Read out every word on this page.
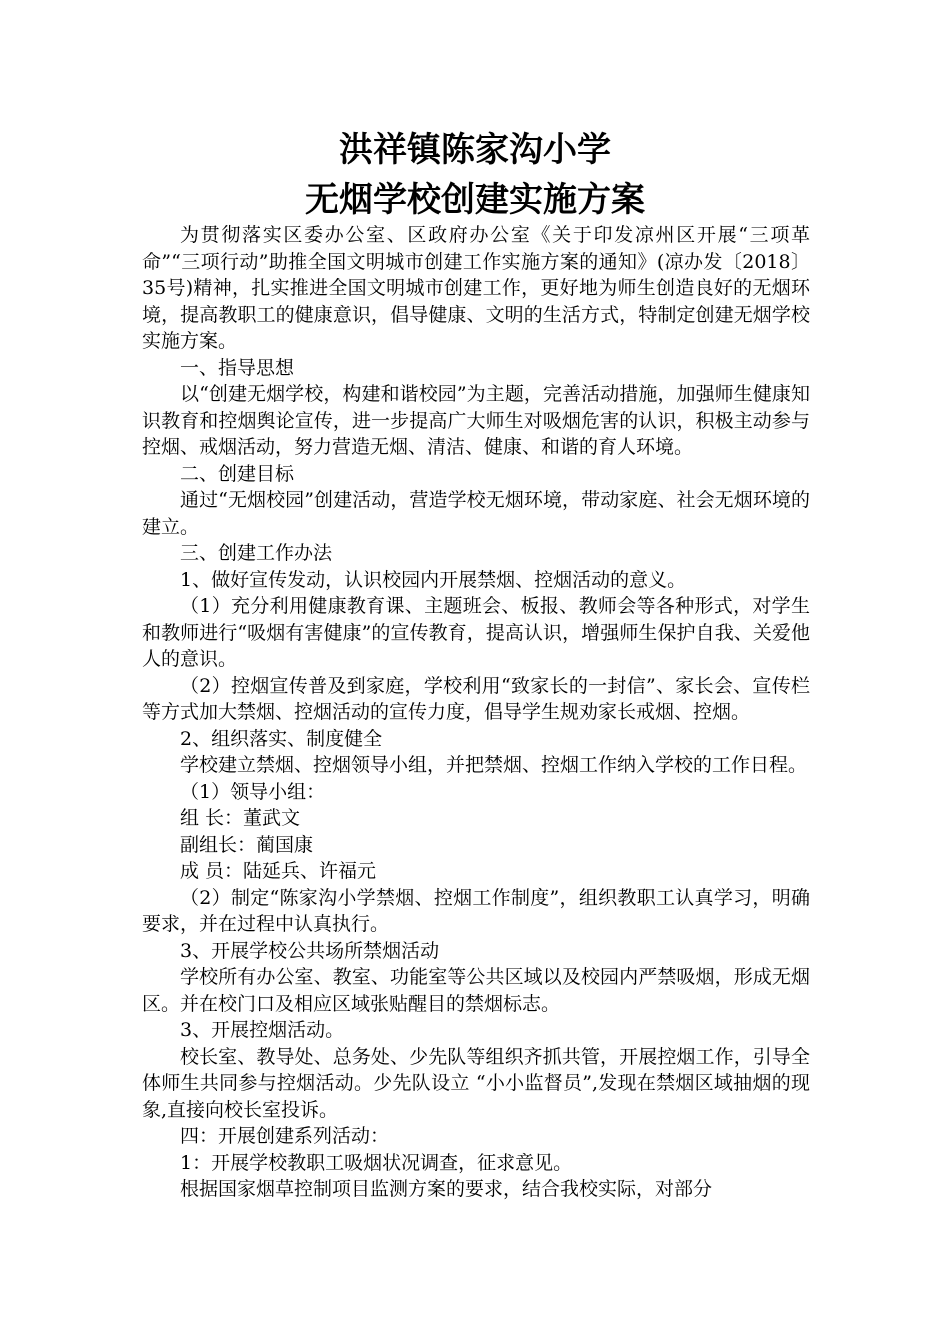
洪祥镇陈家沟小学
无烟学校创建实施方案

为贯彻落实区委办公室、区政府办公室《关于印发凉州区开展“三项革命”“三项行动”助推全国文明城市创建工作实施方案的通知》(凉办发〔2018〕35号)精神，扎实推进全国文明城市创建工作，更好地为师生创造良好的无烟环境，提高教职工的健康意识，倡导健康、文明的生活方式，特制定创建无烟学校实施方案。

一、指导思想

以“创建无烟学校，构建和谐校园”为主题，完善活动措施，加强师生健康知识教育和控烟舆论宣传，进一步提高广大师生对吸烟危害的认识，积极主动参与控烟、戒烟活动，努力营造无烟、清洁、健康、和谐的育人环境。

二、创建目标

通过“无烟校园”创建活动，营造学校无烟环境，带动家庭、社会无烟环境的建立。

三、创建工作办法

1、做好宣传发动，认识校园内开展禁烟、控烟活动的意义。

（1）充分利用健康教育课、主题班会、板报、教师会等各种形式，对学生和教师进行“吸烟有害健康”的宣传教育，提高认识，增强师生保护自我、关爱他人的意识。

（2）控烟宣传普及到家庭，学校利用“致家长的一封信”、家长会、宣传栏等方式加大禁烟、控烟活动的宣传力度，倡导学生规劝家长戒烟、控烟。

2、组织落实、制度健全

学校建立禁烟、控烟领导小组，并把禁烟、控烟工作纳入学校的工作日程。

（1）领导小组：

组 长：董武文

副组长：蔺国康

成 员：陆延兵、许福元

（2）制定“陈家沟小学禁烟、控烟工作制度”，组织教职工认真学习，明确要求，并在过程中认真执行。

3、开展学校公共场所禁烟活动

学校所有办公室、教室、功能室等公共区域以及校园内严禁吸烟，形成无烟区。并在校门口及相应区域张贴醒目的禁烟标志。

3、开展控烟活动。

校长室、教导处、总务处、少先队等组织齐抓共管，开展控烟工作，引导全体师生共同参与控烟活动。少先队设立 “小小监督员”,发现在禁烟区域抽烟的现象,直接向校长室投诉。

四：开展创建系列活动：

1：开展学校教职工吸烟状况调查，征求意见。

根据国家烟草控制项目监测方案的要求，结合我校实际，对部分
